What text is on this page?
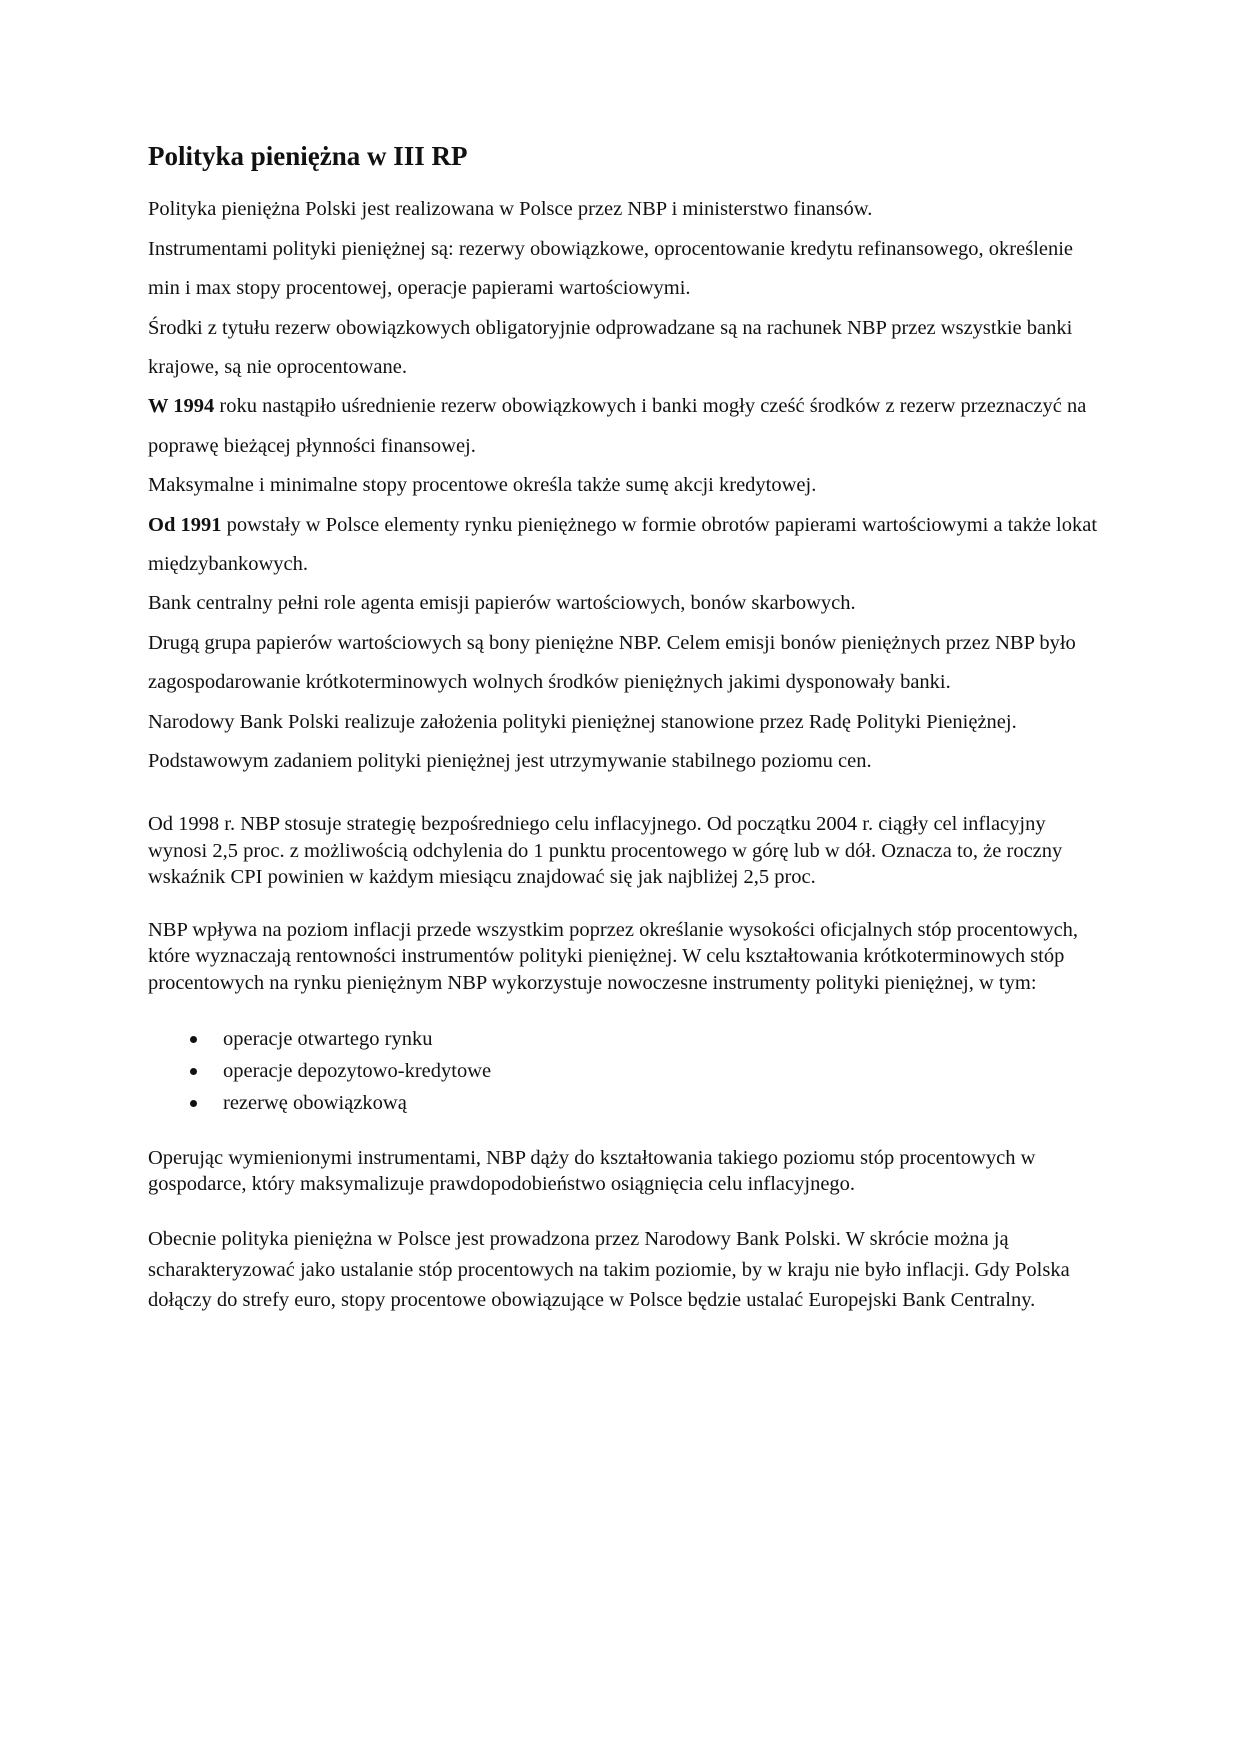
Polityka pieniężna w III RP

Polityka pieniężna Polski jest realizowana w Polsce przez NBP i ministerstwo finansów.

Instrumentami polityki pieniężnej są: rezerwy obowiązkowe, oprocentowanie kredytu refinansowego, określenie min i max stopy procentowej, operacje papierami wartościowymi.

Środki z tytułu rezerw obowiązkowych obligatoryjnie odprowadzane są na rachunek NBP przez wszystkie banki krajowe, są nie oprocentowane.

W 1994 roku nastąpiło uśrednienie rezerw obowiązkowych i banki mogły cześć środków z rezerw przeznaczyć na poprawę bieżącej płynności finansowej.

Maksymalne i minimalne stopy procentowe określa także sumę akcji kredytowej.

Od 1991 powstały w Polsce elementy rynku pieniężnego w formie obrotów papierami wartościowymi a także lokat międzybankowych.

Bank centralny pełni role agenta emisji papierów wartościowych, bonów skarbowych.

Drugą grupa papierów wartościowych są bony pieniężne NBP. Celem emisji bonów pieniężnych przez NBP było zagospodarowanie krótkoterminowych wolnych środków pieniężnych jakimi dysponowały banki.

Narodowy Bank Polski realizuje założenia polityki pieniężnej stanowione przez Radę Polityki Pieniężnej. Podstawowym zadaniem polityki pieniężnej jest utrzymywanie stabilnego poziomu cen.

Od 1998 r. NBP stosuje strategię bezpośredniego celu inflacyjnego. Od początku 2004 r. ciągły cel inflacyjny wynosi 2,5 proc. z możliwością odchylenia do 1 punktu procentowego w górę lub w dół. Oznacza to, że roczny wskaźnik CPI powinien w każdym miesiącu znajdować się jak najbliżej 2,5 proc.

NBP wpływa na poziom inflacji przede wszystkim poprzez określanie wysokości oficjalnych stóp procentowych, które wyznaczają rentowności instrumentów polityki pieniężnej. W celu kształtowania krótkoterminowych stóp procentowych na rynku pieniężnym NBP wykorzystuje nowoczesne instrumenty polityki pieniężnej, w tym:

operacje otwartego rynku
operacje depozytowo-kredytowe
rezerwę obowiązkową

Operując wymienionymi instrumentami, NBP dąży do kształtowania takiego poziomu stóp procentowych w gospodarce, który maksymalizuje prawdopodobieństwo osiągnięcia celu inflacyjnego.

Obecnie polityka pieniężna w Polsce jest prowadzona przez Narodowy Bank Polski. W skrócie można ją scharakteryzować jako ustalanie stóp procentowych na takim poziomie, by w kraju nie było inflacji. Gdy Polska dołączy do strefy euro, stopy procentowe obowiązujące w Polsce będzie ustalać Europejski Bank Centralny.
